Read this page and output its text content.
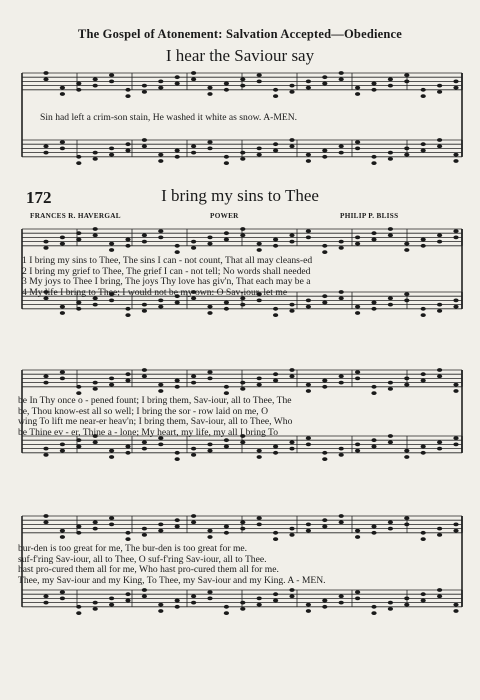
The Gospel of Atonement: Salvation Accepted—Obedience
I hear the Saviour say
Sin had left a crim-son stain, He washed it white as snow. A-MEN.
172	I bring my sins to Thee
FRANCES R. HAVERGAL	POWER	PHILIP P. BLISS
1 I bring my sins to Thee, The sins I can - not count, That all may cleans-ed
2 I bring my grief to Thee, The grief I can - not tell; No words shall needed
3 My joys to Thee I bring, The joys Thy love has giv'n, That each may be a
4 My life I bring to Thee; I would not be my own: O Sav-iour, let me
be In Thy once o - pened fount; I bring them, Sav-iour, all to Thee, The
be, Thou know-est all so well; I bring the sor - row laid on me, O
wing To lift me near-er heav'n; I bring them, Sav-iour, all to Thee, Who
be Thine ev - er, Thine a - lone; My heart, my life, my all I bring To
bur-den is too great for me, The bur-den is too great for me.
suf-f'ring Sav-iour, all to Thee, O suf-f'ring Sav-iour, all to Thee.
hast pro-cured them all for me, Who hast pro-cured them all for me.
Thee, my Sav-iour and my King, To Thee, my Sav-iour and my King. A - MEN.
